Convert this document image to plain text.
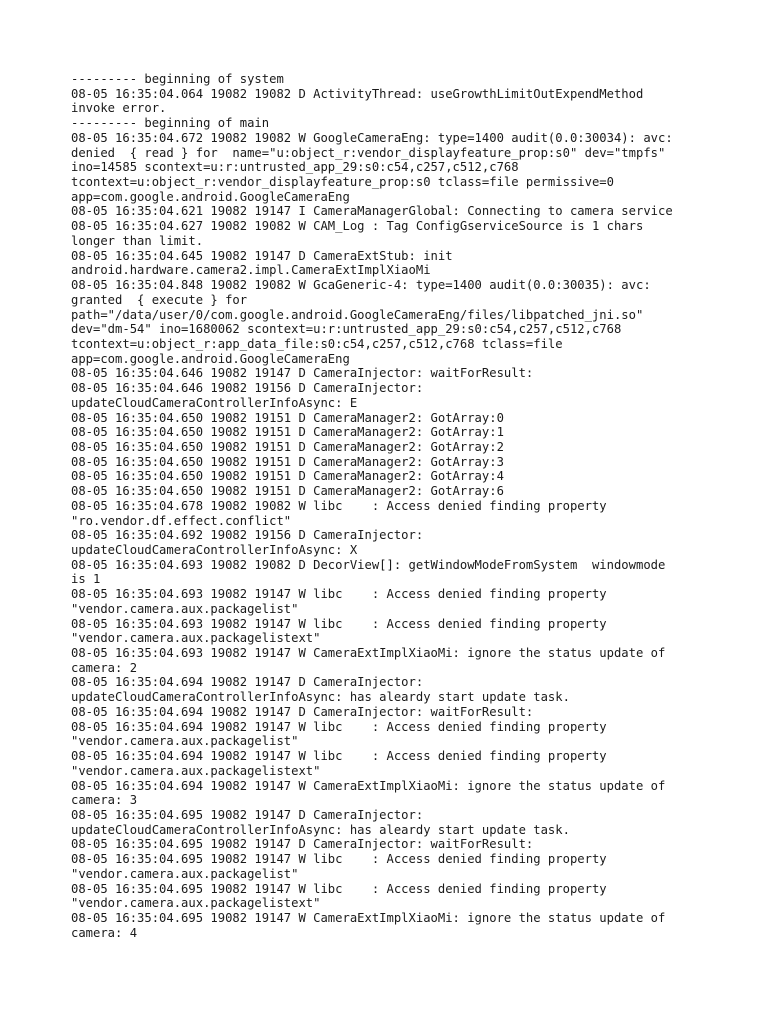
--------- beginning of system
08-05 16:35:04.064 19082 19082 D ActivityThread: useGrowthLimitOutExpendMethod
invoke error.
--------- beginning of main
08-05 16:35:04.672 19082 19082 W GoogleCameraEng: type=1400 audit(0.0:30034): avc:
denied  { read } for  name="u:object_r:vendor_displayfeature_prop:s0" dev="tmpfs"
ino=14585 scontext=u:r:untrusted_app_29:s0:c54,c257,c512,c768
tcontext=u:object_r:vendor_displayfeature_prop:s0 tclass=file permissive=0
app=com.google.android.GoogleCameraEng
08-05 16:35:04.621 19082 19147 I CameraManagerGlobal: Connecting to camera service
08-05 16:35:04.627 19082 19082 W CAM_Log : Tag ConfigGserviceSource is 1 chars
longer than limit.
08-05 16:35:04.645 19082 19147 D CameraExtStub: init
android.hardware.camera2.impl.CameraExtImplXiaoMi
08-05 16:35:04.848 19082 19082 W GcaGeneric-4: type=1400 audit(0.0:30035): avc:
granted  { execute } for
path="/data/user/0/com.google.android.GoogleCameraEng/files/libpatched_jni.so"
dev="dm-54" ino=1680062 scontext=u:r:untrusted_app_29:s0:c54,c257,c512,c768
tcontext=u:object_r:app_data_file:s0:c54,c257,c512,c768 tclass=file
app=com.google.android.GoogleCameraEng
08-05 16:35:04.646 19082 19147 D CameraInjector: waitForResult:
08-05 16:35:04.646 19082 19156 D CameraInjector:
updateCloudCameraControllerInfoAsync: E
08-05 16:35:04.650 19082 19151 D CameraManager2: GotArray:0
08-05 16:35:04.650 19082 19151 D CameraManager2: GotArray:1
08-05 16:35:04.650 19082 19151 D CameraManager2: GotArray:2
08-05 16:35:04.650 19082 19151 D CameraManager2: GotArray:3
08-05 16:35:04.650 19082 19151 D CameraManager2: GotArray:4
08-05 16:35:04.650 19082 19151 D CameraManager2: GotArray:6
08-05 16:35:04.678 19082 19082 W libc    : Access denied finding property
"ro.vendor.df.effect.conflict"
08-05 16:35:04.692 19082 19156 D CameraInjector:
updateCloudCameraControllerInfoAsync: X
08-05 16:35:04.693 19082 19082 D DecorView[]: getWindowModeFromSystem  windowmode
is 1
08-05 16:35:04.693 19082 19147 W libc    : Access denied finding property
"vendor.camera.aux.packagelist"
08-05 16:35:04.693 19082 19147 W libc    : Access denied finding property
"vendor.camera.aux.packagelistext"
08-05 16:35:04.693 19082 19147 W CameraExtImplXiaoMi: ignore the status update of
camera: 2
08-05 16:35:04.694 19082 19147 D CameraInjector:
updateCloudCameraControllerInfoAsync: has aleardy start update task.
08-05 16:35:04.694 19082 19147 D CameraInjector: waitForResult:
08-05 16:35:04.694 19082 19147 W libc    : Access denied finding property
"vendor.camera.aux.packagelist"
08-05 16:35:04.694 19082 19147 W libc    : Access denied finding property
"vendor.camera.aux.packagelistext"
08-05 16:35:04.694 19082 19147 W CameraExtImplXiaoMi: ignore the status update of
camera: 3
08-05 16:35:04.695 19082 19147 D CameraInjector:
updateCloudCameraControllerInfoAsync: has aleardy start update task.
08-05 16:35:04.695 19082 19147 D CameraInjector: waitForResult:
08-05 16:35:04.695 19082 19147 W libc    : Access denied finding property
"vendor.camera.aux.packagelist"
08-05 16:35:04.695 19082 19147 W libc    : Access denied finding property
"vendor.camera.aux.packagelistext"
08-05 16:35:04.695 19082 19147 W CameraExtImplXiaoMi: ignore the status update of
camera: 4
